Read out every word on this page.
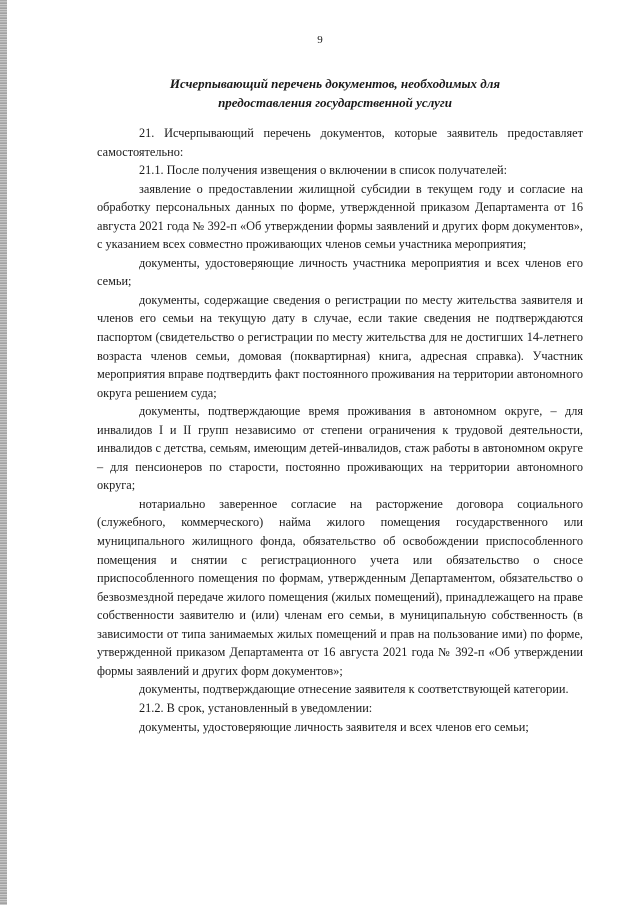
9
Исчерпывающий перечень документов, необходимых для
предоставления государственной услуги

21. Исчерпывающий перечень документов, которые заявитель предоставляет самостоятельно:

21.1. После получения извещения о включении в список получателей:

заявление о предоставлении жилищной субсидии в текущем году и согласие на обработку персональных данных по форме, утвержденной приказом Департамента от 16 августа 2021 года № 392-п «Об утверждении формы заявлений и других форм документов», с указанием всех совместно проживающих членов семьи участника мероприятия;

документы, удостоверяющие личность участника мероприятия и всех членов его семьи;

документы, содержащие сведения о регистрации по месту жительства заявителя и членов его семьи на текущую дату в случае, если такие сведения не подтверждаются паспортом (свидетельство о регистрации по месту жительства для не достигших 14-летнего возраста членов семьи, домовая (поквартирная) книга, адресная справка). Участник мероприятия вправе подтвердить факт постоянного проживания на территории автономного округа решением суда;

документы, подтверждающие время проживания в автономном округе, – для инвалидов I и II групп независимо от степени ограничения к трудовой деятельности, инвалидов с детства, семьям, имеющим детей-инвалидов, стаж работы в автономном округе – для пенсионеров по старости, постоянно проживающих на территории автономного округа;

нотариально заверенное согласие на расторжение договора социального (служебного, коммерческого) найма жилого помещения государственного или муниципального жилищного фонда, обязательство об освобождении приспособленного помещения и снятии с регистрационного учета или обязательство о сносе приспособленного помещения по формам, утвержденным Департаментом, обязательство о безвозмездной передаче жилого помещения (жилых помещений), принадлежащего на праве собственности заявителю и (или) членам его семьи, в муниципальную собственность (в зависимости от типа занимаемых жилых помещений и прав на пользование ими) по форме, утвержденной приказом Департамента от 16 августа 2021 года № 392-п «Об утверждении формы заявлений и других форм документов»;

документы, подтверждающие отнесение заявителя к соответствующей категории.

21.2. В срок, установленный в уведомлении:

документы, удостоверяющие личность заявителя и всех членов его семьи;
